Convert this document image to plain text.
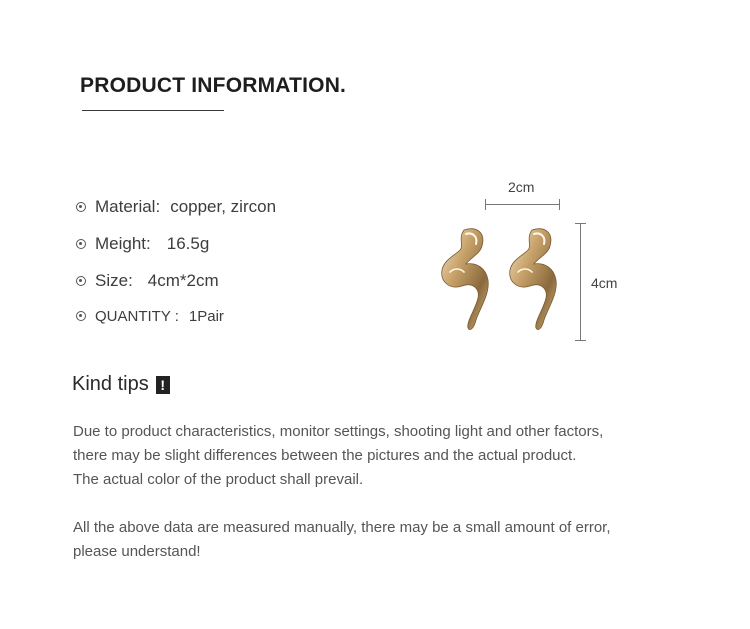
PRODUCT INFORMATION.
Material: copper, zircon
Meight: 16.5g
Size: 4cm*2cm
QUANTITY : 1Pair
2cm
4cm
Kind tips !
Due to product characteristics, monitor settings, shooting light and other factors,
there may be slight differences between the pictures and the actual product.
The actual color of the product shall prevail.
All the above data are measured manually, there may be a small amount of error,
please understand!
